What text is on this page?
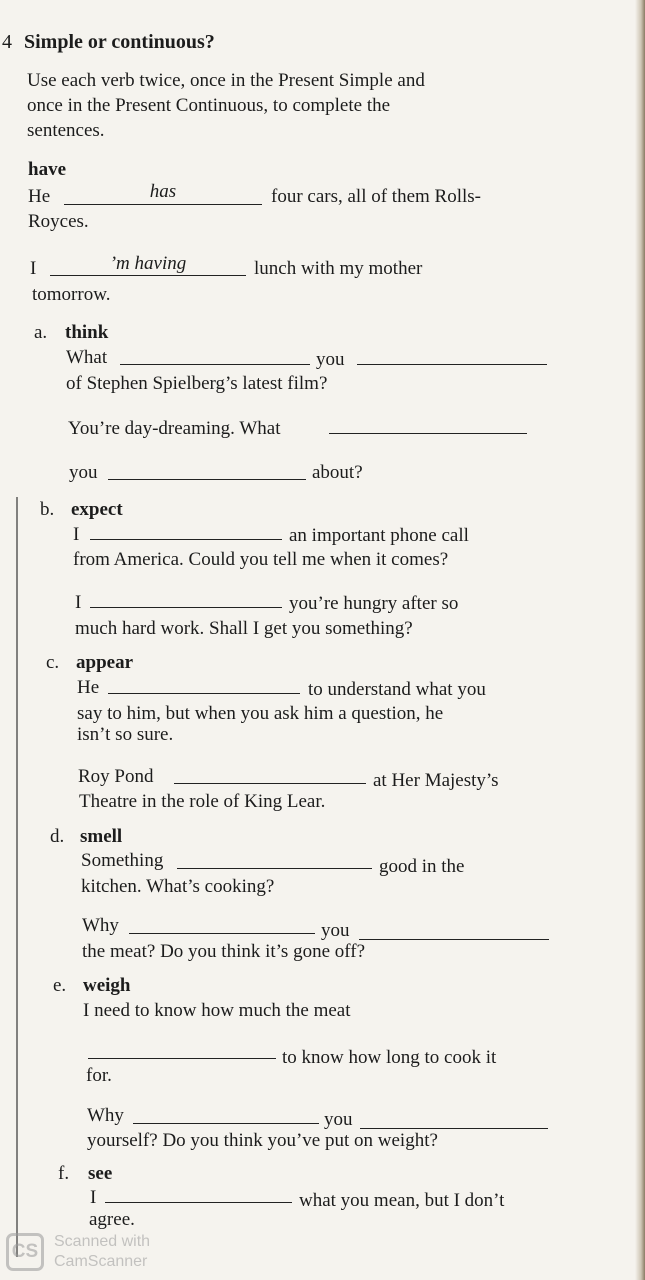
4 Simple or continuous?
Use each verb twice, once in the Present Simple and
once in the Present Continuous, to complete the
sentences.
have
He	has	four cars, all of them Rolls-
Royces.
I	’m having	lunch with my mother
tomorrow.
a. think
What	you
of Stephen Spielberg’s latest film?
You’re day-dreaming. What
you	about?
b. expect
I	an important phone call
from America. Could you tell me when it comes?
I	you’re hungry after so
much hard work. Shall I get you something?
c. appear
He	to understand what you
say to him, but when you ask him a question, he
isn’t so sure.
Roy Pond	at Her Majesty’s
Theatre in the role of King Lear.
d. smell
Something	good in the
kitchen. What’s cooking?
Why	you
the meat? Do you think it’s gone off?
e. weigh
I need to know how much the meat
to know how long to cook it
for.
Why	you
yourself? Do you think you’ve put on weight?
f. see
I	what you mean, but I don’t
agree.
CS Scanned with
CamScanner
